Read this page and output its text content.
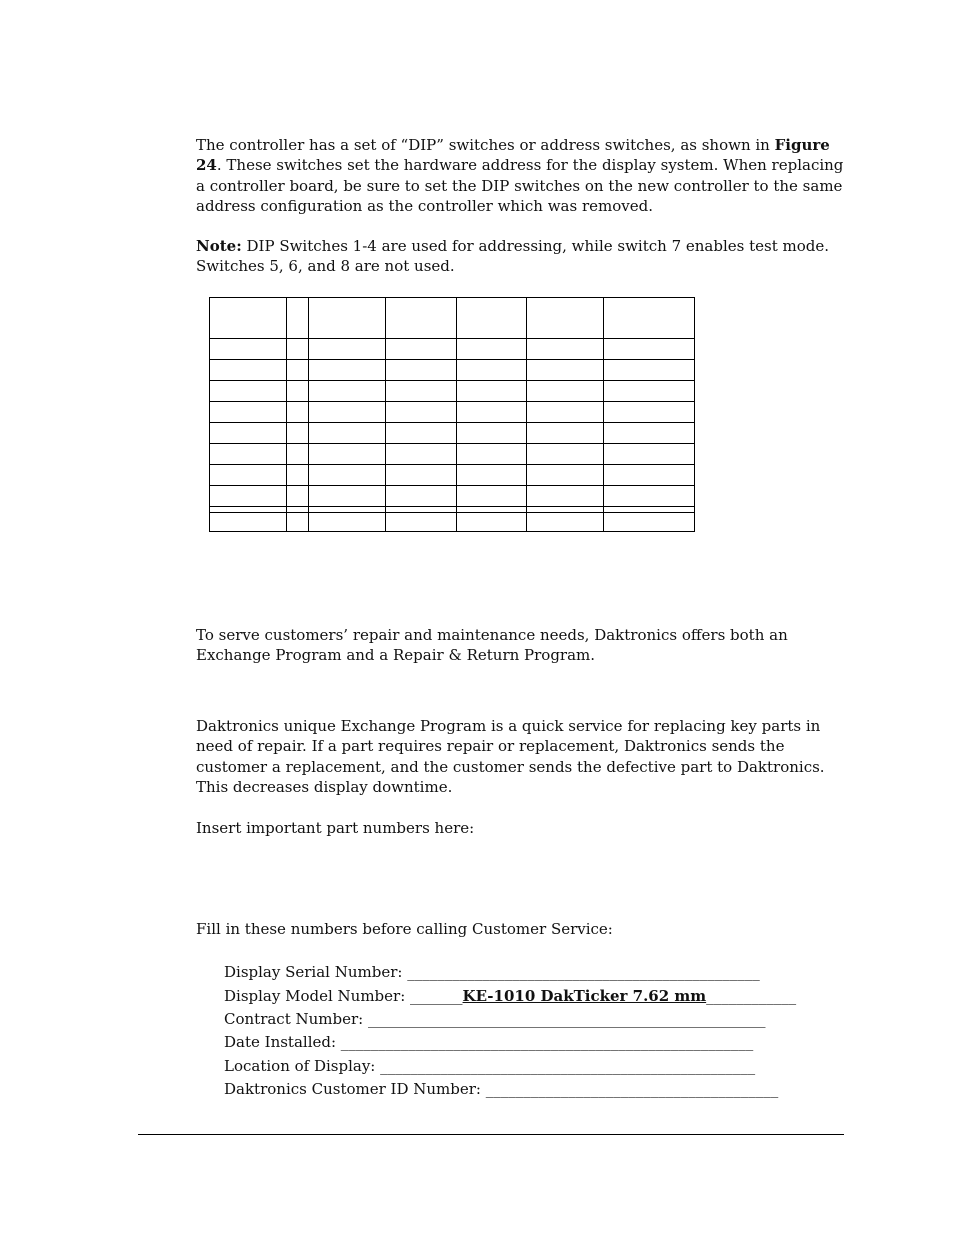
The controller has a set of “DIP” switches or address switches, as shown in Figure 24. These switches set the hardware address for the display system. When replacing a controller board, be sure to set the DIP switches on the new controller to the same address configuration as the controller which was removed.

Note: DIP Switches 1-4 are used for addressing, while switch 7 enables test mode. Switches 5, 6, and 8 are not used.

To serve customers’ repair and maintenance needs, Daktronics offers both an Exchange Program and a Repair & Return Program.

Daktronics unique Exchange Program is a quick service for replacing key parts in need of repair. If a part requires repair or replacement, Daktronics sends the customer a replacement, and the customer sends the defective part to Daktronics. This decreases display downtime.

Insert important part numbers here:

Fill in these numbers before calling Customer Service:

Display Serial Number: _______________________________________________
Display Model Number: _______KE-1010 DakTicker 7.62 mm____________
Contract Number: _____________________________________________________
Date Installed: _______________________________________________________
Location of Display: __________________________________________________
Daktronics Customer ID Number: _______________________________________
